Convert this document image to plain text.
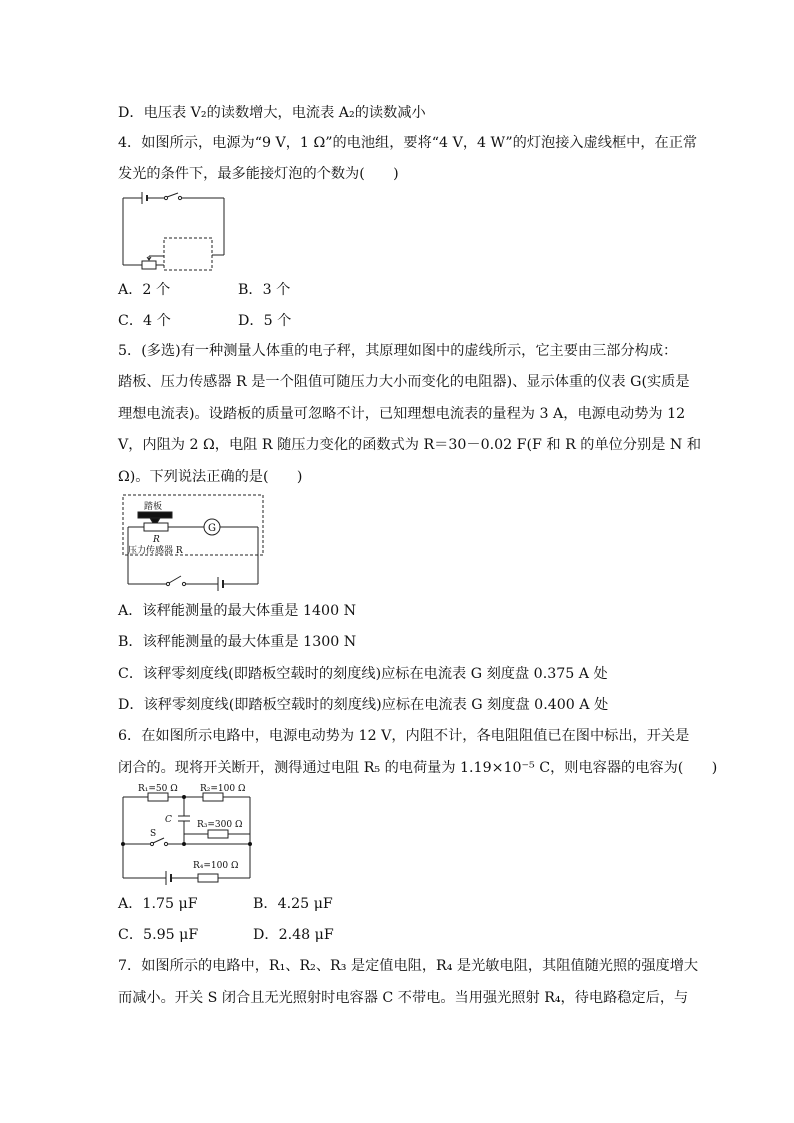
D．电压表 V₂的读数增大，电流表 A₂的读数减小
4．如图所示，电源为“9 V，1 Ω”的电池组，要将“4 V，4 W”的灯泡接入虚线框中，在正常
发光的条件下，最多能接灯泡的个数为(　　)
A．2 个	B．3 个
C．4 个	D．5 个
5．(多选)有一种测量人体重的电子秤，其原理如图中的虚线所示，它主要由三部分构成：
踏板、压力传感器 R 是一个阻值可随压力大小而变化的电阻器)、显示体重的仪表 G(实质是
理想电流表)。设踏板的质量可忽略不计，已知理想电流表的量程为 3 A，电源电动势为 12
V，内阻为 2 Ω，电阻 R 随压力变化的函数式为 R＝30－0.02 F(F 和 R 的单位分别是 N 和
Ω)。下列说法正确的是(　　)
踏板
R
G
压力传感器 R
A．该秤能测量的最大体重是 1400 N
B．该秤能测量的最大体重是 1300 N
C．该秤零刻度线(即踏板空载时的刻度线)应标在电流表 G 刻度盘 0.375 A 处
D．该秤零刻度线(即踏板空载时的刻度线)应标在电流表 G 刻度盘 0.400 A 处
6．在如图所示电路中，电源电动势为 12 V，内阻不计，各电阻阻值已在图中标出，开关是
闭合的。现将开关断开，测得通过电阻 R₅ 的电荷量为 1.19×10⁻⁵ C，则电容器的电容为(　　)
R₁=50 Ω R₂=100 Ω
C	R₃=300 Ω
S
R₄=100 Ω
A．1.75 μF	B．4.25 μF
C．5.95 μF	D．2.48 μF
7．如图所示的电路中，R₁、R₂、R₃ 是定值电阻，R₄ 是光敏电阻，其阻值随光照的强度增大
而减小。开关 S 闭合且无光照射时电容器 C 不带电。当用强光照射 R₄，待电路稳定后，与
